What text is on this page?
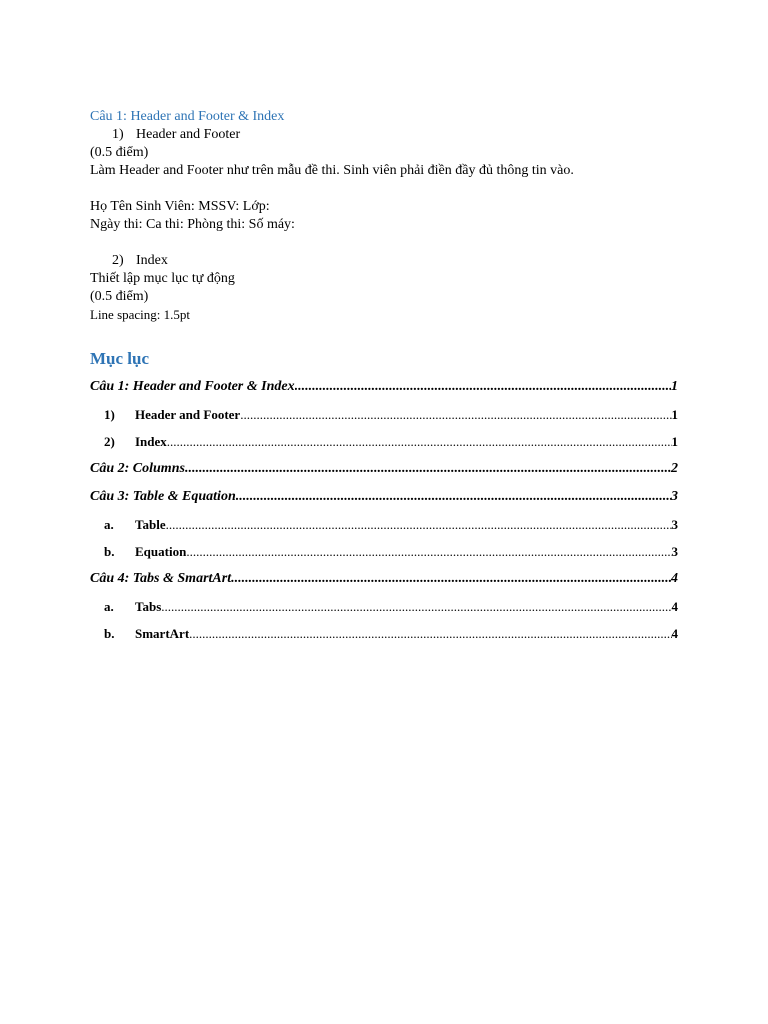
Câu 1: Header and Footer & Index
1) Header and Footer
(0.5 điểm)
Làm Header and Footer như trên mẫu đề thi. Sinh viên phải điền đầy đủ thông tin vào.
Họ Tên Sinh Viên: MSSV: Lớp:
Ngày thi: Ca thi: Phòng thi: Số máy:
2) Index
Thiết lập mục lục tự động
(0.5 điểm)
Line spacing: 1.5pt
Mục lục
Câu 1: Header and Footer & Index .....	1
1)	Header and Footer .....	1
2)	Index .....	1
Câu 2: Columns .....	2
Câu 3: Table & Equation .....	3
a.	Table .....	3
b.	Equation .....	3
Câu 4: Tabs & SmartArt .....	4
a.	Tabs .....	4
b.	SmartArt .....	4
